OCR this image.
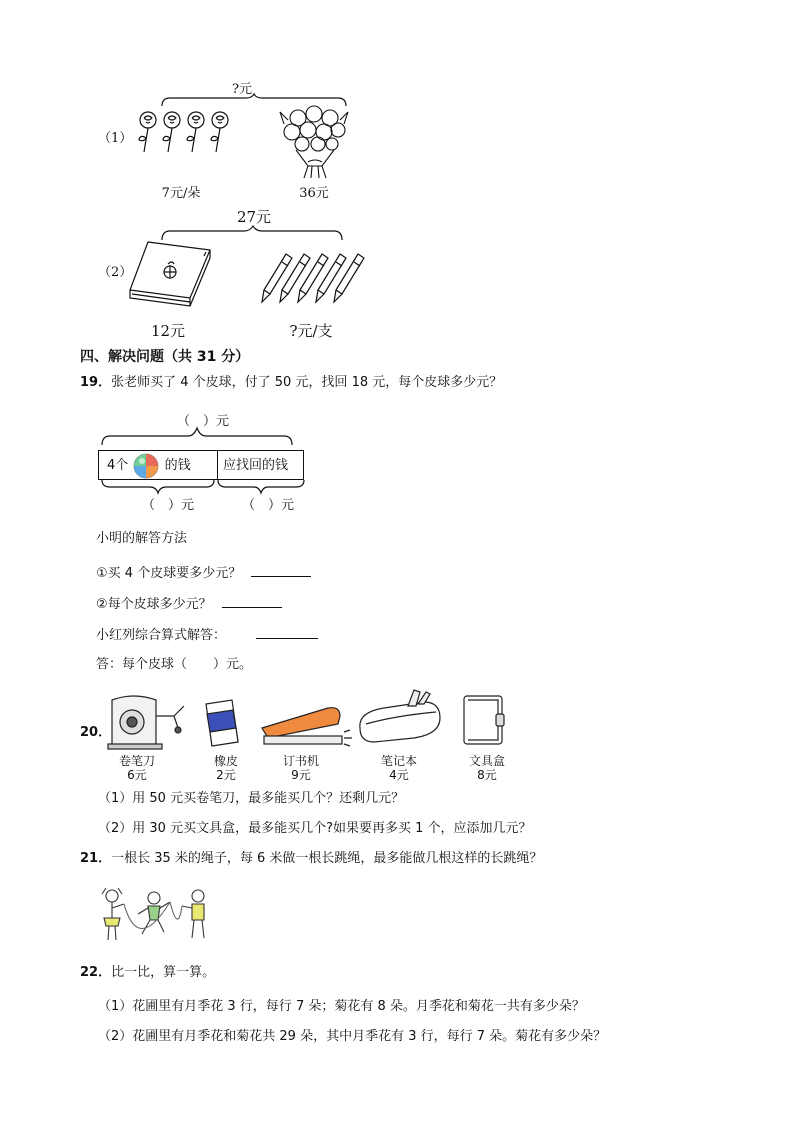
?元
（1）
7元/朵	36元
27元
（2）
12元	?元/支
四、解决问题（共 31 分）
19．张老师买了 4 个皮球，付了 50 元，找回 18 元，每个皮球多少元？
（　）元
4个	的钱	应找回的钱
（　）元	（　）元
小明的解答方法
①买 4 个皮球要多少元？
②每个皮球多少元？
小红列综合算式解答：
答：每个皮球（　　）元。
20．
卷笔刀
6元
橡皮
2元
订书机
9元
笔记本
4元
文具盒
8元
（1）用 50 元买卷笔刀，最多能买几个？还剩几元？
（2）用 30 元买文具盒，最多能买几个?如果要再多买 1 个，应添加几元？
21．一根长 35 米的绳子，每 6 米做一根长跳绳，最多能做几根这样的长跳绳？
22．比一比，算一算。
（1）花圃里有月季花 3 行，每行 7 朵；菊花有 8 朵。月季花和菊花一共有多少朵？
（2）花圃里有月季花和菊花共 29 朵，其中月季花有 3 行，每行 7 朵。菊花有多少朵？
